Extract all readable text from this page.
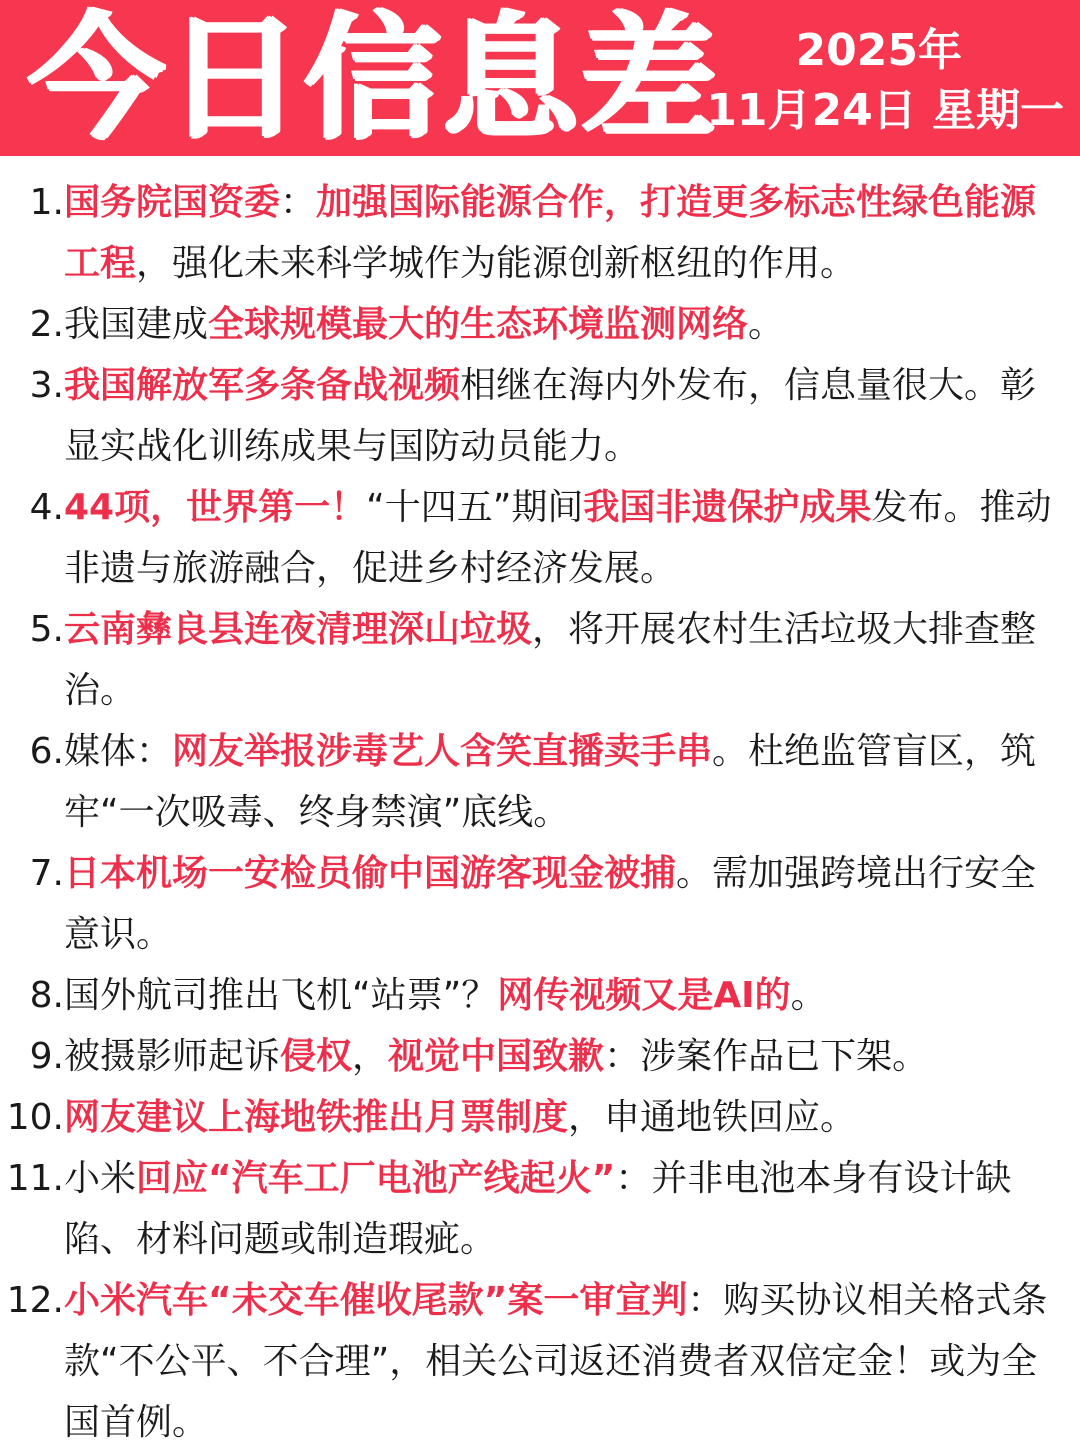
今日信息差 2025年
11月24日 星期一
1. 国务院国资委：加强国际能源合作，打造更多标志性绿色能源工程，强化未来科学城作为能源创新枢纽的作用。
2. 我国建成全球规模最大的生态环境监测网络。
3. 我国解放军多条备战视频相继在海内外发布，信息量很大。彰显实战化训练成果与国防动员能力。
4. 44项，世界第一！“十四五”期间我国非遗保护成果发布。推动非遗与旅游融合，促进乡村经济发展。
5. 云南彝良县连夜清理深山垃圾，将开展农村生活垃圾大排查整治。
6. 媒体：网友举报涉毒艺人含笑直播卖手串。杜绝监管盲区，筑牢“一次吸毒、终身禁演”底线。
7. 日本机场一安检员偷中国游客现金被捕。需加强跨境出行安全意识。
8. 国外航司推出飞机“站票”？网传视频又是AI的。
9. 被摄影师起诉侵权，视觉中国致歉：涉案作品已下架。
10. 网友建议上海地铁推出月票制度，申通地铁回应。
11. 小米回应“汽车工厂电池产线起火”：并非电池本身有设计缺陷、材料问题或制造瑕疵。
12. 小米汽车“未交车催收尾款”案一审宣判：购买协议相关格式条款“不公平、不合理”，相关公司返还消费者双倍定金！或为全国首例。
